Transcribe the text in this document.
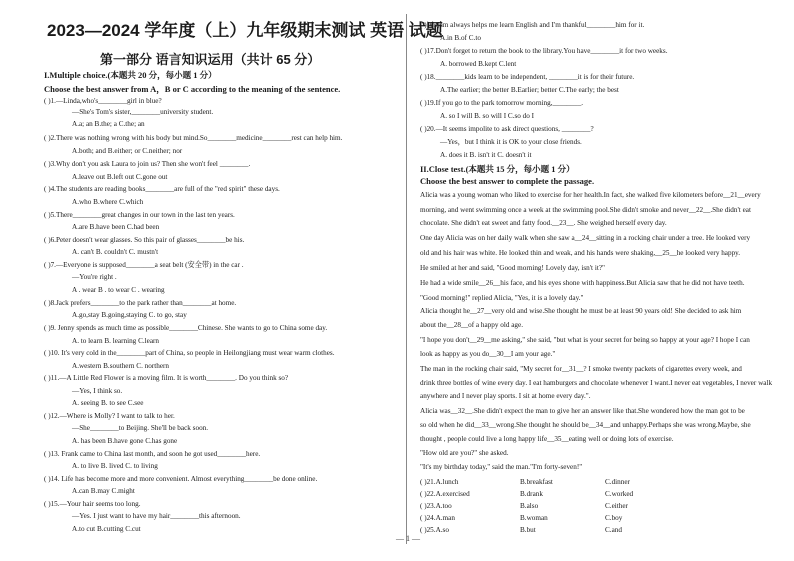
2023—2024 学年度（上）九年级期末测试 英语 试题
第一部分 语言知识运用（共计 65 分）
I.Multiple choice.(本题共 20 分，每小题 1 分）
Choose the best answer from A，B or C according to the meaning of the sentence.
( )1.—Linda,who's________girl in blue?
—She's Tom's sister,________university student.
A.a; an B.the; a C.the; an
( )2.There was nothing wrong with his body but mind.So________medicine________rest can help him.
A.both; and B.either; or C.neither; nor
( )3.Why don't you ask Laura to join us? Then she won't feel ________.
A.leave out B.left out C.gone out
( )4.The students are reading books________are full of the "red spirit" these days.
A.who B.where C.which
( )5.There________great changes in our town in the last ten years.
A.are B.have been C.had been
( )6.Peter doesn't wear glasses. So this pair of glasses________be his.
A. can't B. couldn't C. mustn't
( )7.—Everyone is supposed________a seat belt (安全带) in the car .
—You're right .
A . wear B . to wear C . wearing
( )8.Jack prefers________to the park rather than________at home.
A.go,stay B.going,staying C. to go, stay
( )9. Jenny spends as much time as possible________Chinese. She wants to go to China some day.
A. to learn B. learning C.learn
( )10. It's very cold in the________part of China, so people in Heilongjiang must wear warm clothes.
A.western B.southern C. northern
( )11.—A Little Red Flower is a moving film. It is worth________. Do you think so?
—Yes, I think so.
A. seeing B. to see C.see
( )12.—Where is Molly? I want to talk to her.
—She________to Beijing. She'll be back soon.
A. has been B.have gone C.has gone
( )13. Frank came to China last month, and soon he got used________here.
A. to live B. lived C. to living
( )14. Life has become more and more convenient. Almost everything________be done online.
A.can B.may C.might
( )15.—Your hair seems too long.
—Yes. I just want to have my hair________this afternoon.
A.to cut B.cutting C.cut
( )16.Sam always helps me learn English and I'm thankful________him for it.
A.in B.of C.to
( )17.Don't forget to return the book to the library.You have________it for two weeks.
A. borrowed B.kept C.lent
( )18.________kids learn to be independent, ________it is for their future.
A.The earlier; the better B.Earlier; better C.The early; the best
( )19.If you go to the park tomorrow morning,________.
A. so I will B. so will I C.so do I
( )20.—It seems impolite to ask direct questions, ________?
—Yes，but I think it is OK to your close friends.
A. does it B. isn't it C. doesn't it
II.Close test.(本题共 15 分，每小题 1 分）
Choose the best answer to complete the passage.
Alicia was a young woman who liked to exercise for her health.In fact, she walked five kilometers before__21__every
morning, and went swimming once a week at the swimming pool.She didn't smoke and never__22__.She didn't eat
chocolate. She didn't eat sweet and fatty food.__23__. She weighed herself every day.
One day Alicia was on her daily walk when she saw a__24__sitting in a rocking chair under a tree. He looked very
old and his hair was white. He looked thin and weak, and his hands were shaking,__25__he looked very happy.
He smiled at her and said, "Good morning! Lovely day, isn't it?"
He had a wide smile__26__his face, and his eyes shone with happiness.But Alicia saw that he did not have teeth.
"Good morning!" replied Alicia, "Yes, it is a lovely day."
Alicia thought he__27__very old and wise.She thought he must be at least 90 years old! She decided to ask him
about the__28__of a happy old age.
"I hope you don't__29__me asking," she said, "but what is your secret for being so happy at your age? I hope I can
look as happy as you do__30__I am your age."
The man in the rocking chair said, "My secret for__31__? I smoke twenty packets of cigarettes every week, and
drink three bottles of wine every day. I eat hamburgers and chocolate whenever I want.I never eat vegetables, I never walk
anywhere and I never play sports. I sit at home every day.".
Alicia was__32__.She didn't expect the man to give her an answer like that.She wondered how the man got to be
so old when he did__33__wrong.She thought he should be__34__and unhappy.Perhaps she was wrong.Maybe, she
thought , people could live a long happy life__35__eating well or doing lots of exercise.
"How old are you?" she asked.
"It's my birthday today," said the man."I'm forty-seven!"
( )21.A.lunch	B.breakfast	C.dinner
( )22.A.exercised	B.drank	C.worked
( )23.A.too	B.also	C.either
( )24.A.man	B.woman	C.boy
( )25.A.so	B.but	C.and
— 1 —
